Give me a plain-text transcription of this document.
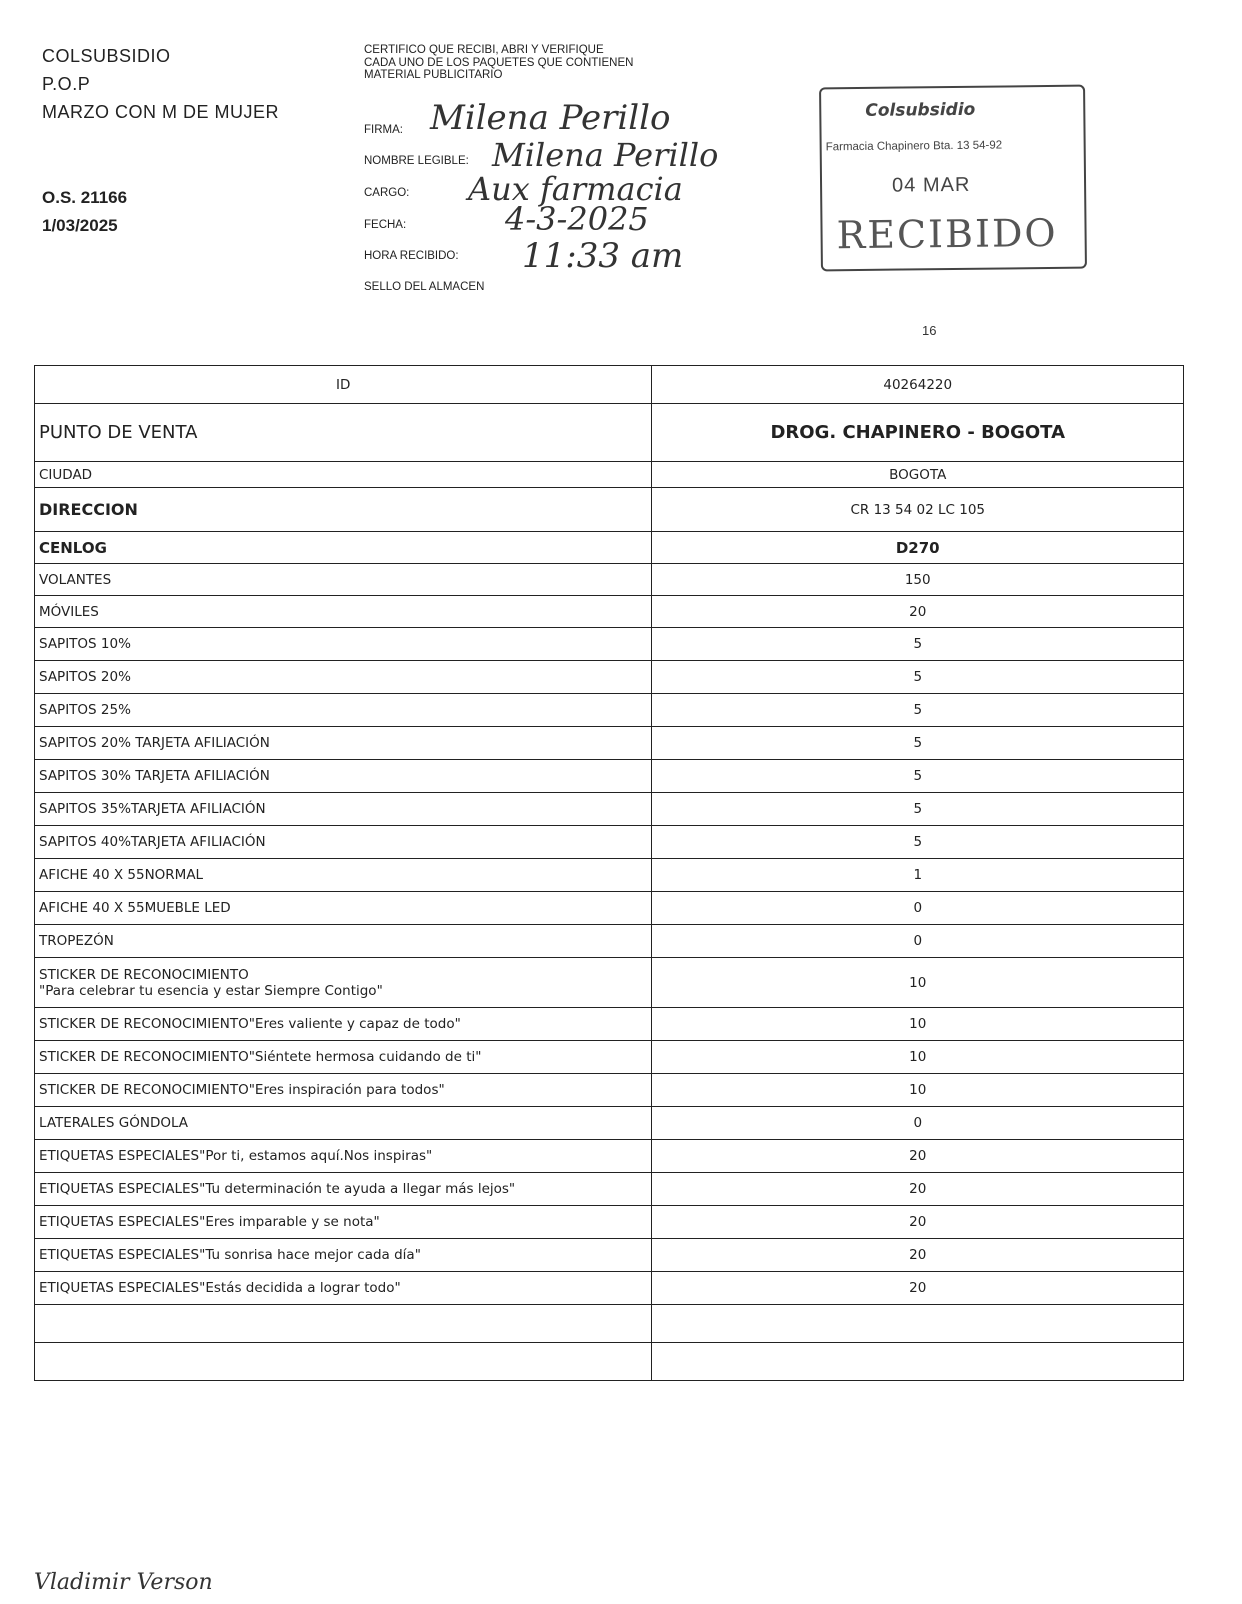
COLSUBSIDIO
P.O.P
MARZO CON M DE MUJER
O.S. 21166
1/03/2025
CERTIFICO QUE RECIBI, ABRI Y VERIFIQUE CADA UNO DE LOS PAQUETES QUE CONTIENEN MATERIAL PUBLICITARIO
FIRMA:
NOMBRE LEGIBLE:
CARGO:
FECHA:
HORA RECIBIDO:
SELLO DEL ALMACEN
Milena Perillo
Milena Perillo
Aux farmacia
4-3-2025
11:33 am
Colsubsidio
Farmacia Chapinero Bta. 13 54-92
04 MAR
RECIBIDO
16
ID	40264220
PUNTO DE VENTA	DROG. CHAPINERO - BOGOTA
CIUDAD	BOGOTA
DIRECCION	CR 13 54 02 LC 105
CENLOG	D270
VOLANTES	150
MÓVILES	20
SAPITOS 10%	5
SAPITOS 20%	5
SAPITOS 25%	5
SAPITOS 20% TARJETA AFILIACIÓN	5
SAPITOS 30% TARJETA AFILIACIÓN	5
SAPITOS 35%TARJETA AFILIACIÓN	5
SAPITOS 40%TARJETA AFILIACIÓN	5
AFICHE 40 X 55NORMAL	1
AFICHE 40 X 55MUEBLE LED	0
TROPEZÓN	0
STICKER DE RECONOCIMIENTO
"Para celebrar tu esencia y estar Siempre Contigo"	10
STICKER DE RECONOCIMIENTO"Eres valiente y capaz de todo"	10
STICKER DE RECONOCIMIENTO"Siéntete hermosa cuidando de ti"	10
STICKER DE RECONOCIMIENTO"Eres inspiración para todos"	10
LATERALES GÓNDOLA	0
ETIQUETAS ESPECIALES"Por ti, estamos aquí.Nos inspiras"	20
ETIQUETAS ESPECIALES"Tu determinación te ayuda a llegar más lejos"	20
ETIQUETAS ESPECIALES"Eres imparable y se nota"	20
ETIQUETAS ESPECIALES"Tu sonrisa hace mejor cada día"	20
ETIQUETAS ESPECIALES"Estás decidida a lograr todo"	20

Vladimir Verson
